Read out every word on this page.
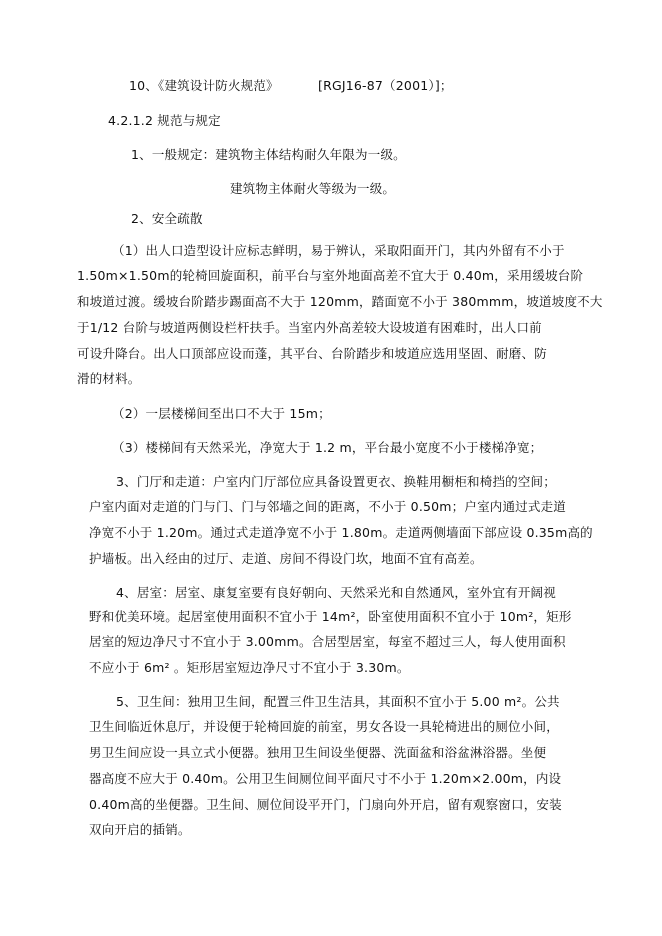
10、《建筑设计防火规范》	[RGJ16-87（2001）]；
4.2.1.2 规范与规定
1、一般规定：建筑物主体结构耐久年限为一级。
建筑物主体耐火等级为一级。
2、安全疏散
（1）出人口造型设计应标志鲜明，易于辨认，采取阳面开门，其内外留有不小于
1.50m×1.50m的轮椅回旋面积，前平台与室外地面高差不宜大于 0.40m，采用缓坡台阶
和坡道过渡。缓坡台阶踏步踢面高不大于 120mm，踏面宽不小于 380mmm，坡道坡度不大
于1/12 台阶与坡道两侧设栏杆扶手。当室内外高差较大设坡道有困难时，出人口前
可设升降台。出人口顶部应设而蓬，其平台、台阶踏步和坡道应选用坚固、耐磨、防
滑的材料。
（2）一层楼梯间至出口不大于 15m；
（3）楼梯间有天然采光，净宽大于 1.2 m，平台最小宽度不小于楼梯净宽；
3、门厅和走道：户室内门厅部位应具备设置更衣、换鞋用橱柜和椅挡的空间；
户室内面对走道的门与门、门与邻墙之间的距离，不小于 0.50m；户室内通过式走道
净宽不小于 1.20m。通过式走道净宽不小于 1.80m。走道两侧墙面下部应设 0.35m高的
护墙板。出入经由的过厅、走道、房间不得设门坎，地面不宜有高差。
4、居室：居室、康复室要有良好朝向、天然采光和自然通风，室外宜有开阔视
野和优美环境。起居室使用面积不宜小于 14m²，卧室使用面积不宜小于 10m²，矩形
居室的短边净尺寸不宜小于 3.00mm。合居型居室，每室不超过三人，每人使用面积
不应小于 6m² 。矩形居室短边净尺寸不宜小于 3.30m。
5、卫生间：独用卫生间，配置三件卫生洁具，其面积不宜小于 5.00 m²。公共
卫生间临近休息厅，并设便于轮椅回旋的前室，男女各设一具轮椅进出的厕位小间，
男卫生间应设一具立式小便器。独用卫生间设坐便器、洗面盆和浴盆淋浴器。坐便
器高度不应大于 0.40m。公用卫生间厕位间平面尺寸不小于 1.20m×2.00m，内设
0.40m高的坐便器。卫生间、厕位间设平开门，门扇向外开启，留有观察窗口，安装
双向开启的插销。
